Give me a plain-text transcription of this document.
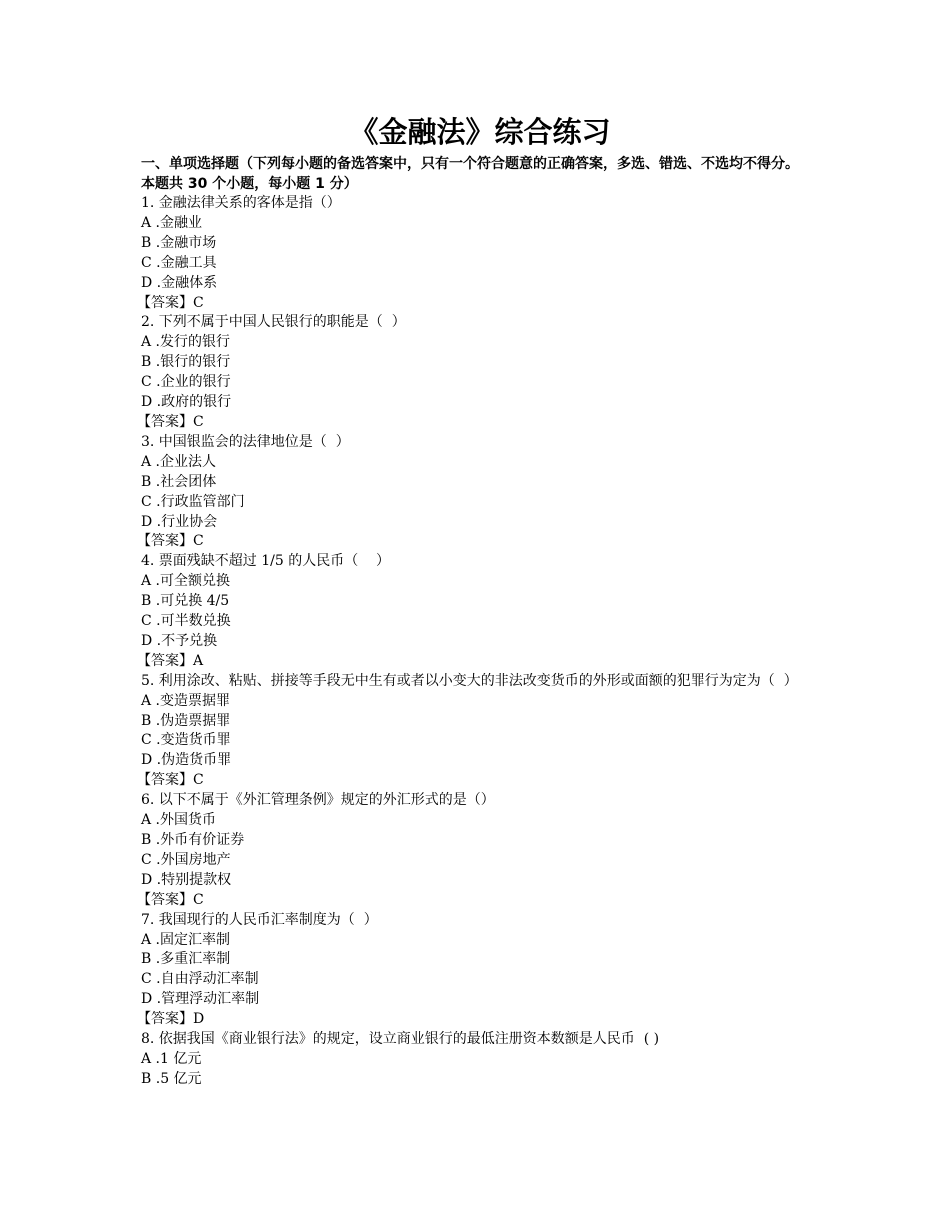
《金融法》综合练习

一、单项选择题（下列每小题的备选答案中，只有一个符合题意的正确答案，多选、错选、不选均不得分。本题共 30 个小题，每小题 1 分）

1. 金融法律关系的客体是指（）

A .金融业

B .金融市场

C .金融工具

D .金融体系

【答案】C

2. 下列不属于中国人民银行的职能是（  ）

A .发行的银行

B .银行的银行

C .企业的银行

D .政府的银行

【答案】C

3. 中国银监会的法律地位是（  ）

A .企业法人

B .社会团体

C .行政监管部门

D .行业协会

【答案】C

4. 票面残缺不超过 1/5 的人民币（    ）

A .可全额兑换

B .可兑换 4/5

C .可半数兑换

D .不予兑换

【答案】A

5. 利用涂改、粘贴、拼接等手段无中生有或者以小变大的非法改变货币的外形或面额的犯罪行为定为（  ）

A .变造票据罪

B .伪造票据罪

C .变造货币罪

D .伪造货币罪

【答案】C

6. 以下不属于《外汇管理条例》规定的外汇形式的是（）

A .外国货币

B .外币有价证券

C .外国房地产

D .特别提款权

【答案】C

7. 我国现行的人民币汇率制度为（  ）

A .固定汇率制

B .多重汇率制

C .自由浮动汇率制

D .管理浮动汇率制

【答案】D

8. 依据我国《商业银行法》的规定，设立商业银行的最低注册资本数额是人民币  ( )

A .1 亿元

B .5 亿元
